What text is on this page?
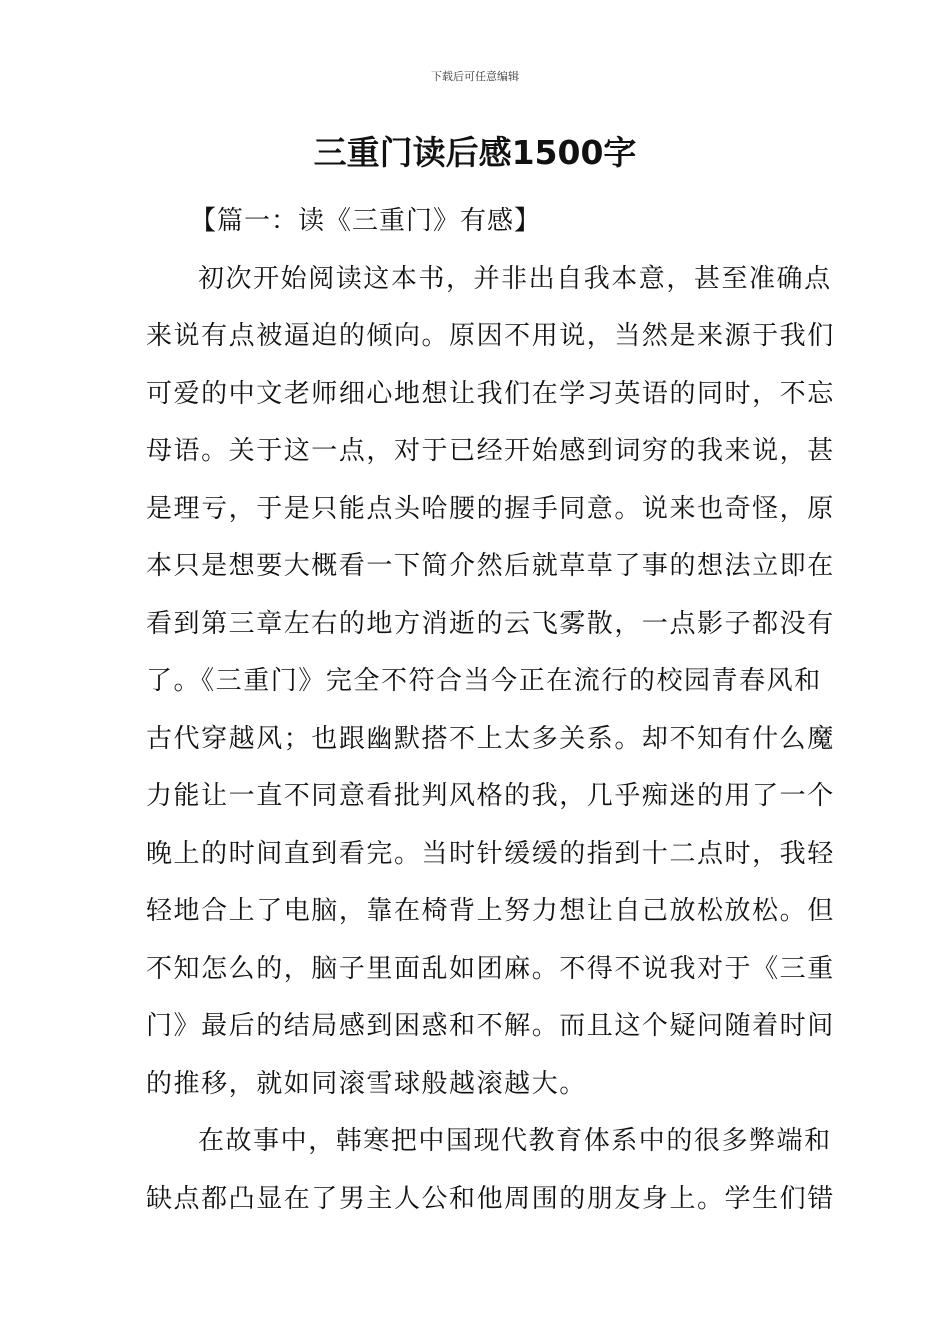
下载后可任意编辑
三重门读后感1500字

【篇一：读《三重门》有感】

初次开始阅读这本书，并非出自我本意，甚至准确点
来说有点被逼迫的倾向。原因不用说，当然是来源于我们
可爱的中文老师细心地想让我们在学习英语的同时，不忘
母语。关于这一点，对于已经开始感到词穷的我来说，甚
是理亏，于是只能点头哈腰的握手同意。说来也奇怪，原
本只是想要大概看一下简介然后就草草了事的想法立即在
看到第三章左右的地方消逝的云飞雾散，一点影子都没有
了。《三重门》完全不符合当今正在流行的校园青春风和
古代穿越风；也跟幽默搭不上太多关系。却不知有什么魔
力能让一直不同意看批判风格的我，几乎痴迷的用了一个
晚上的时间直到看完。当时针缓缓的指到十二点时，我轻
轻地合上了电脑，靠在椅背上努力想让自己放松放松。但
不知怎么的，脑子里面乱如团麻。不得不说我对于《三重
门》最后的结局感到困惑和不解。而且这个疑问随着时间
的推移，就如同滚雪球般越滚越大。

在故事中，韩寒把中国现代教育体系中的很多弊端和
缺点都凸显在了男主人公和他周围的朋友身上。学生们错
